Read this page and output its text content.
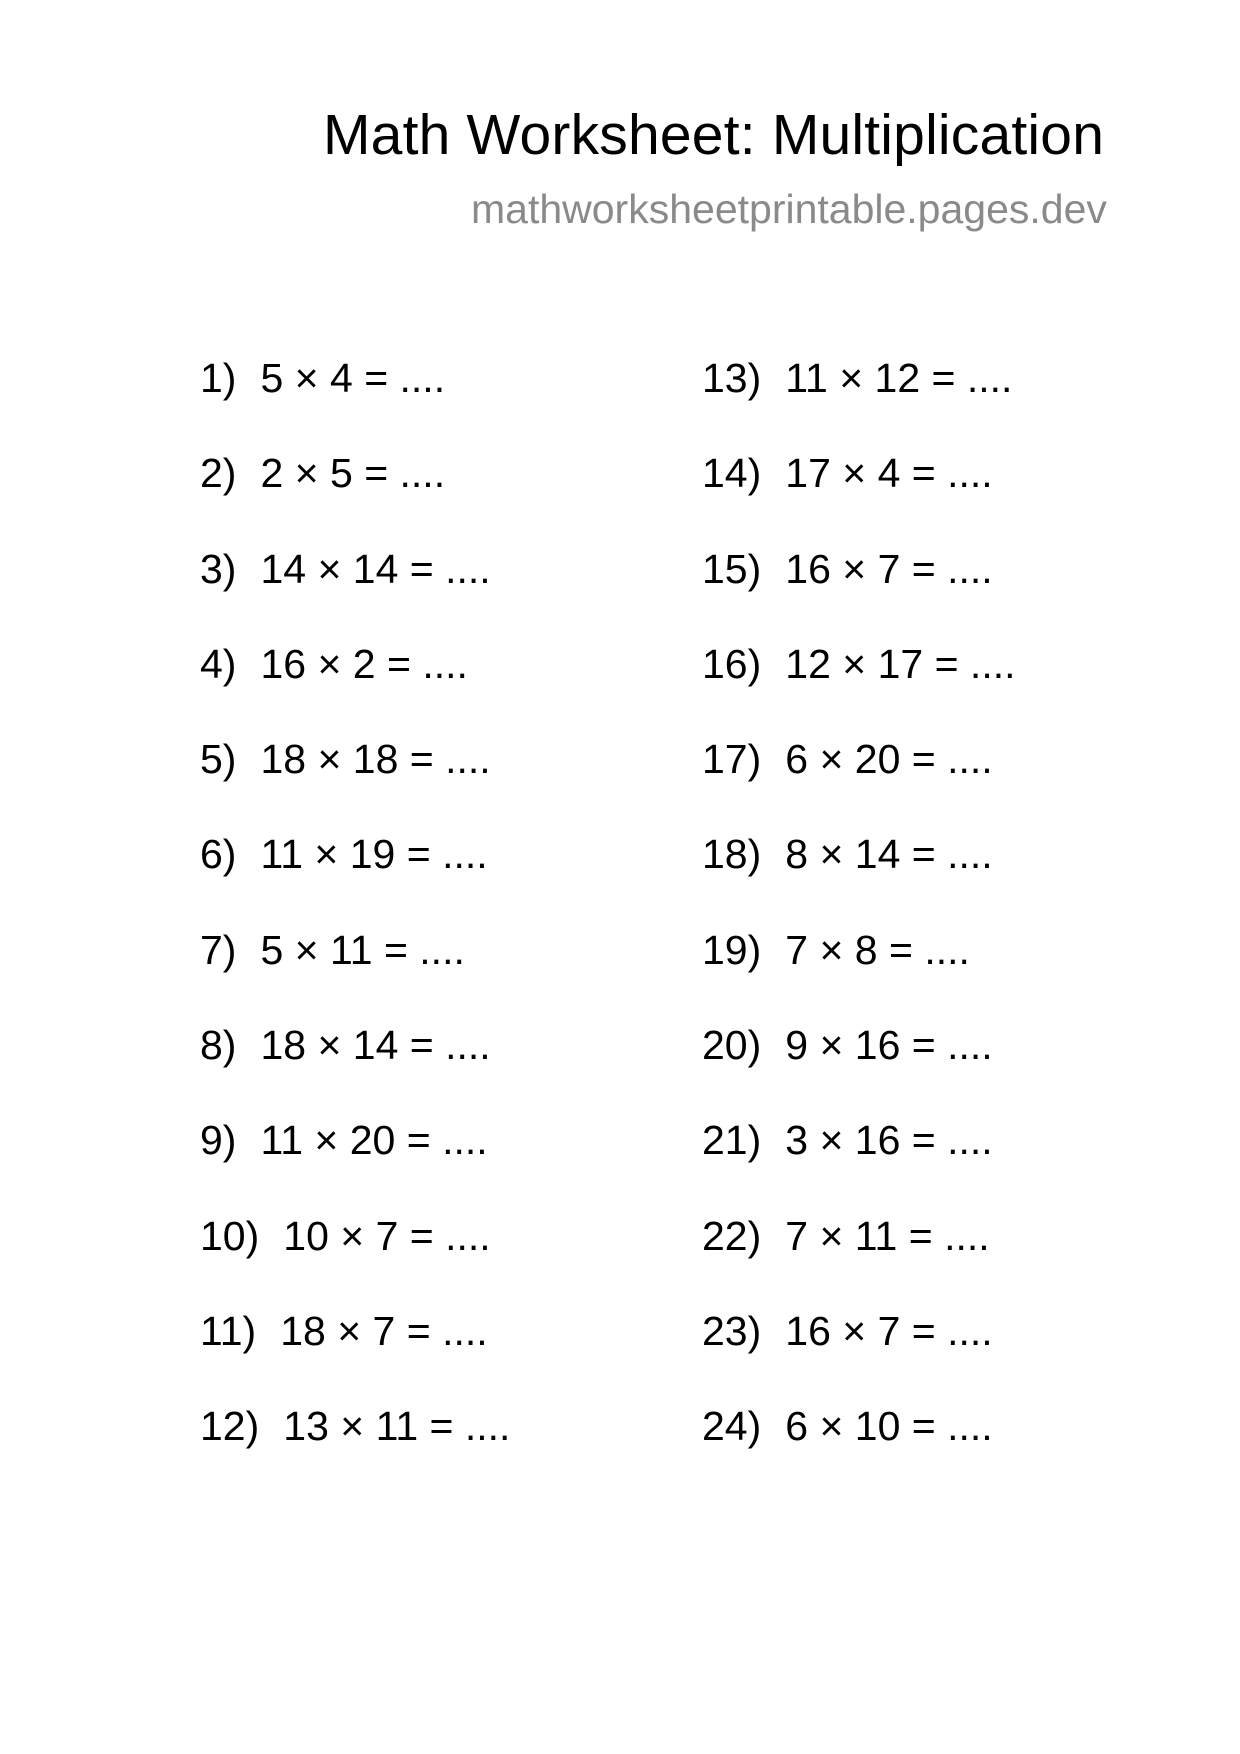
Math Worksheet: Multiplication
mathworksheetprintable.pages.dev
1) 5 × 4 = ....
2) 2 × 5 = ....
3) 14 × 14 = ....
4) 16 × 2 = ....
5) 18 × 18 = ....
6) 11 × 19 = ....
7) 5 × 11 = ....
8) 18 × 14 = ....
9) 11 × 20 = ....
10) 10 × 7 = ....
11) 18 × 7 = ....
12) 13 × 11 = ....
13) 11 × 12 = ....
14) 17 × 4 = ....
15) 16 × 7 = ....
16) 12 × 17 = ....
17) 6 × 20 = ....
18) 8 × 14 = ....
19) 7 × 8 = ....
20) 9 × 16 = ....
21) 3 × 16 = ....
22) 7 × 11 = ....
23) 16 × 7 = ....
24) 6 × 10 = ....
